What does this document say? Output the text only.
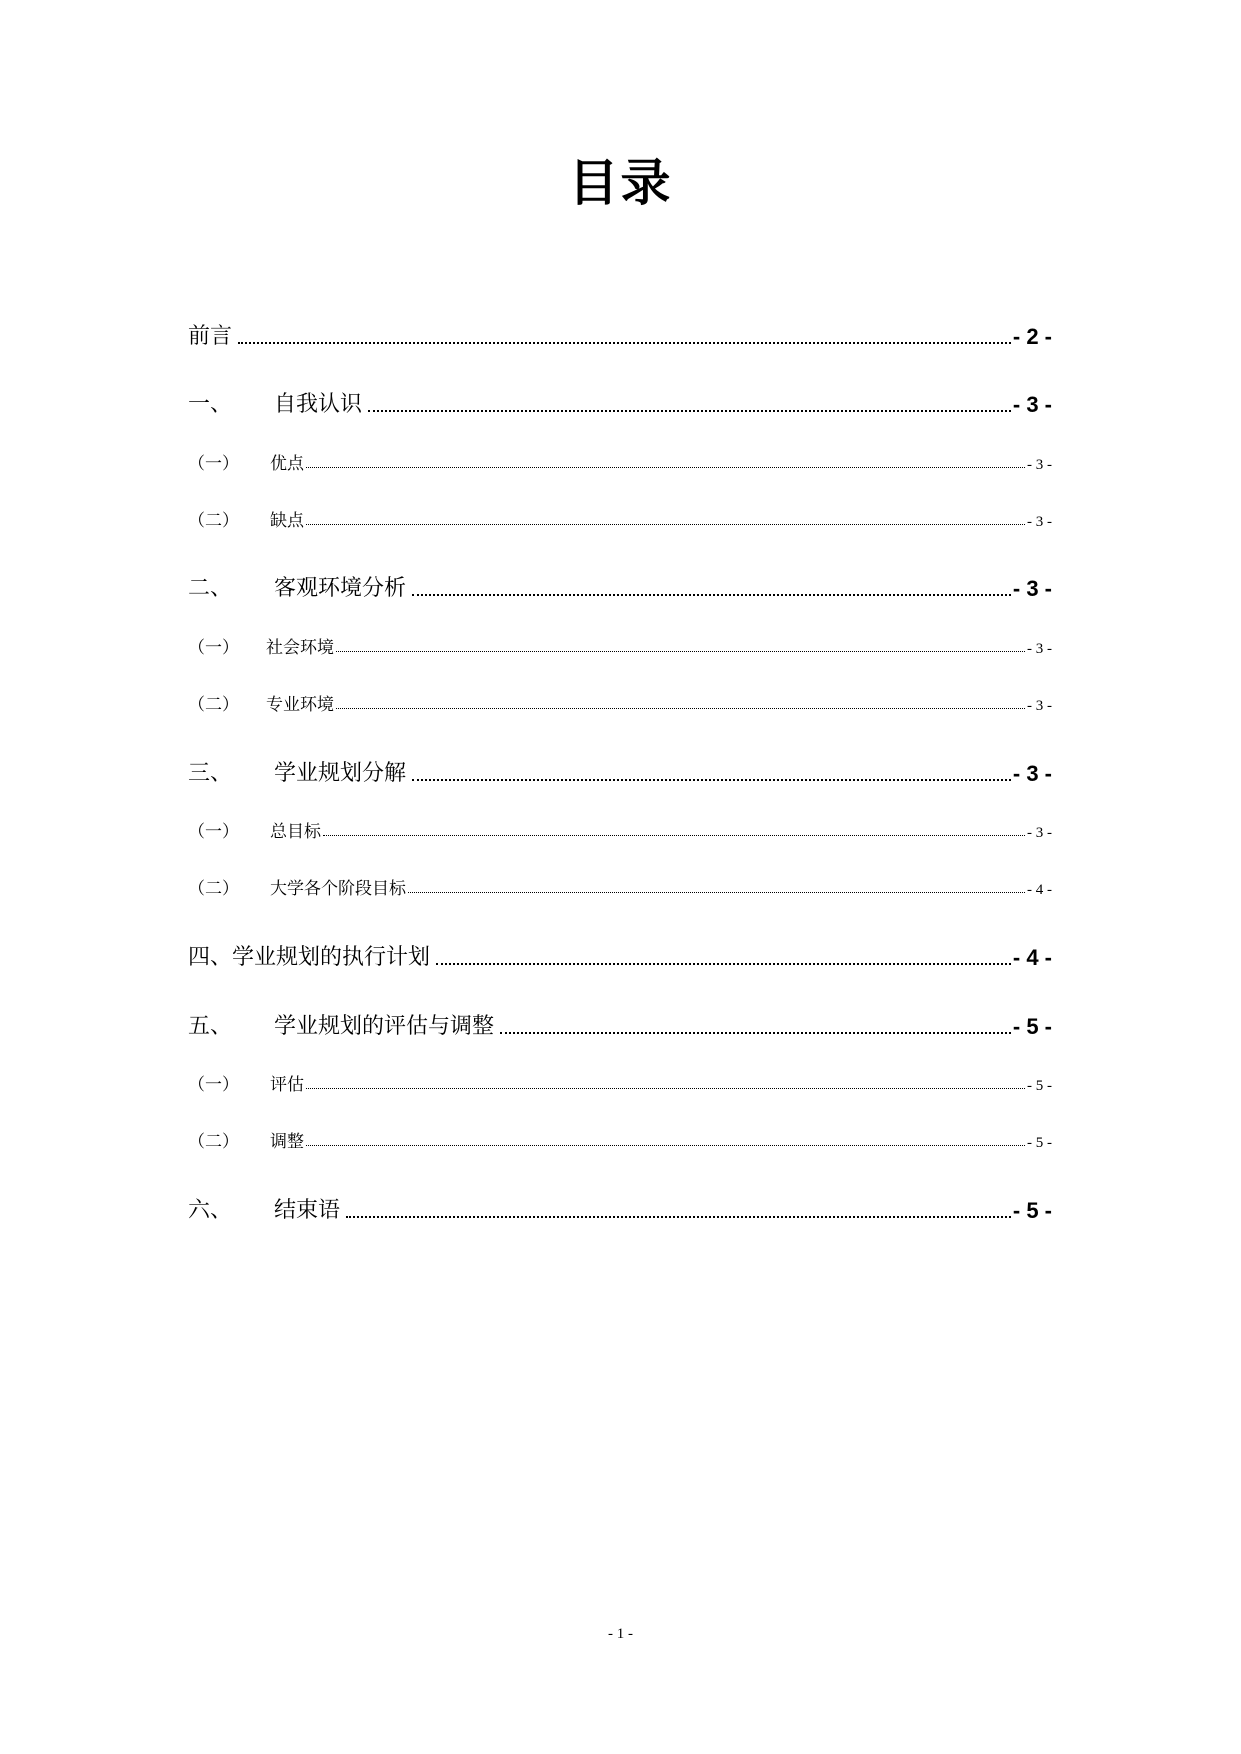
目录
前言	- 2 -
一、	自我认识	- 3 -
（一）	优点	- 3 -
（二）	缺点	- 3 -
二、	客观环境分析	- 3 -
（一）	社会环境	- 3 -
（二）	专业环境	- 3 -
三、	学业规划分解	- 3 -
（一）	总目标	- 3 -
（二）	大学各个阶段目标	- 4 -
四、 学业规划的执行计划	- 4 -
五、	学业规划的评估与调整	- 5 -
（一）	评估	- 5 -
（二）	调整	- 5 -
六、	结束语	- 5 -
- 1 -
